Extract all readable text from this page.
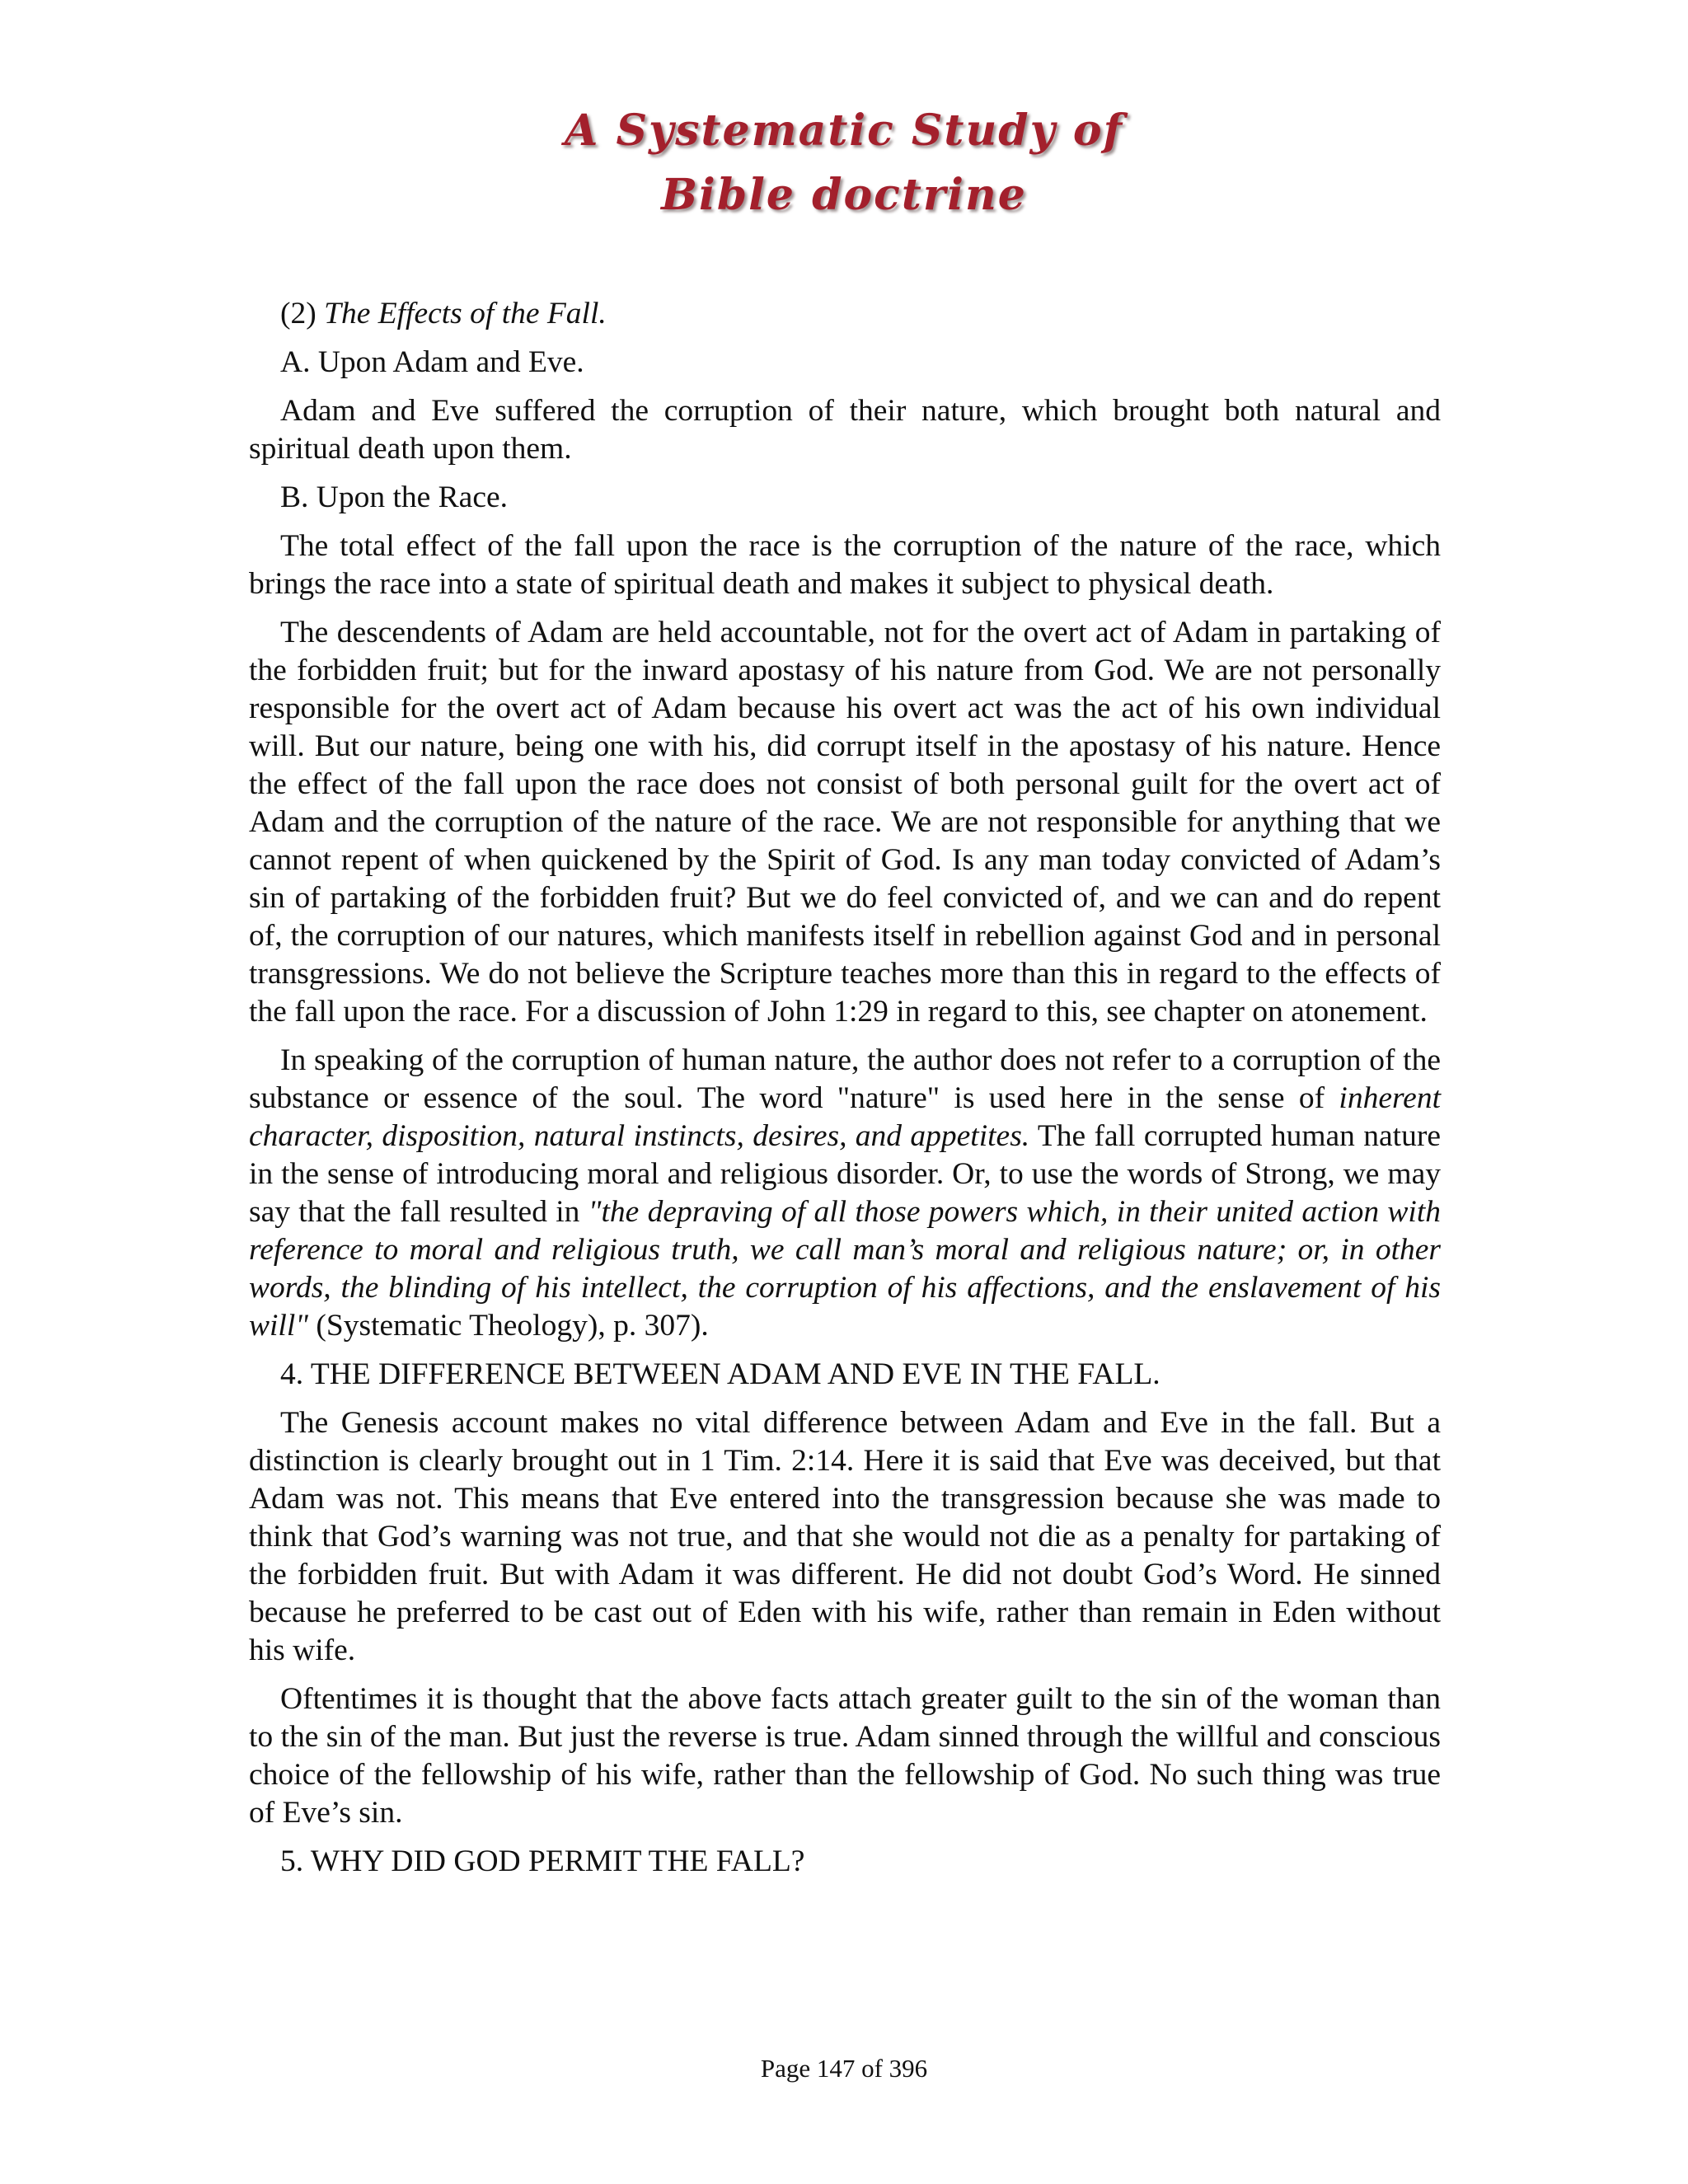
A Systematic Study of
Bible doctrine

(2) The Effects of the Fall.

A. Upon Adam and Eve.

Adam and Eve suffered the corruption of their nature, which brought both natural and spiritual death upon them.

B. Upon the Race.

The total effect of the fall upon the race is the corruption of the nature of the race, which brings the race into a state of spiritual death and makes it subject to physical death.

The descendents of Adam are held accountable, not for the overt act of Adam in partaking of the forbidden fruit; but for the inward apostasy of his nature from God. We are not personally responsible for the overt act of Adam because his overt act was the act of his own individual will. But our nature, being one with his, did corrupt itself in the apostasy of his nature. Hence the effect of the fall upon the race does not consist of both personal guilt for the overt act of Adam and the corruption of the nature of the race. We are not responsible for anything that we cannot repent of when quickened by the Spirit of God. Is any man today convicted of Adam’s sin of partaking of the forbidden fruit? But we do feel convicted of, and we can and do repent of, the corruption of our natures, which manifests itself in rebellion against God and in personal transgressions. We do not believe the Scripture teaches more than this in regard to the effects of the fall upon the race. For a discussion of John 1:29 in regard to this, see chapter on atonement.

In speaking of the corruption of human nature, the author does not refer to a corruption of the substance or essence of the soul. The word "nature" is used here in the sense of inherent character, disposition, natural instincts, desires, and appetites. The fall corrupted human nature in the sense of introducing moral and religious disorder. Or, to use the words of Strong, we may say that the fall resulted in "the depraving of all those powers which, in their united action with reference to moral and religious truth, we call man’s moral and religious nature; or, in other words, the blinding of his intellect, the corruption of his affections, and the enslavement of his will" (Systematic Theology), p. 307).

4. THE DIFFERENCE BETWEEN ADAM AND EVE IN THE FALL.

The Genesis account makes no vital difference between Adam and Eve in the fall. But a distinction is clearly brought out in 1 Tim. 2:14. Here it is said that Eve was deceived, but that Adam was not. This means that Eve entered into the transgression because she was made to think that God’s warning was not true, and that she would not die as a penalty for partaking of the forbidden fruit. But with Adam it was different. He did not doubt God’s Word. He sinned because he preferred to be cast out of Eden with his wife, rather than remain in Eden without his wife.

Oftentimes it is thought that the above facts attach greater guilt to the sin of the woman than to the sin of the man. But just the reverse is true. Adam sinned through the willful and conscious choice of the fellowship of his wife, rather than the fellowship of God. No such thing was true of Eve’s sin.

5. WHY DID GOD PERMIT THE FALL?

Page 147 of 396
